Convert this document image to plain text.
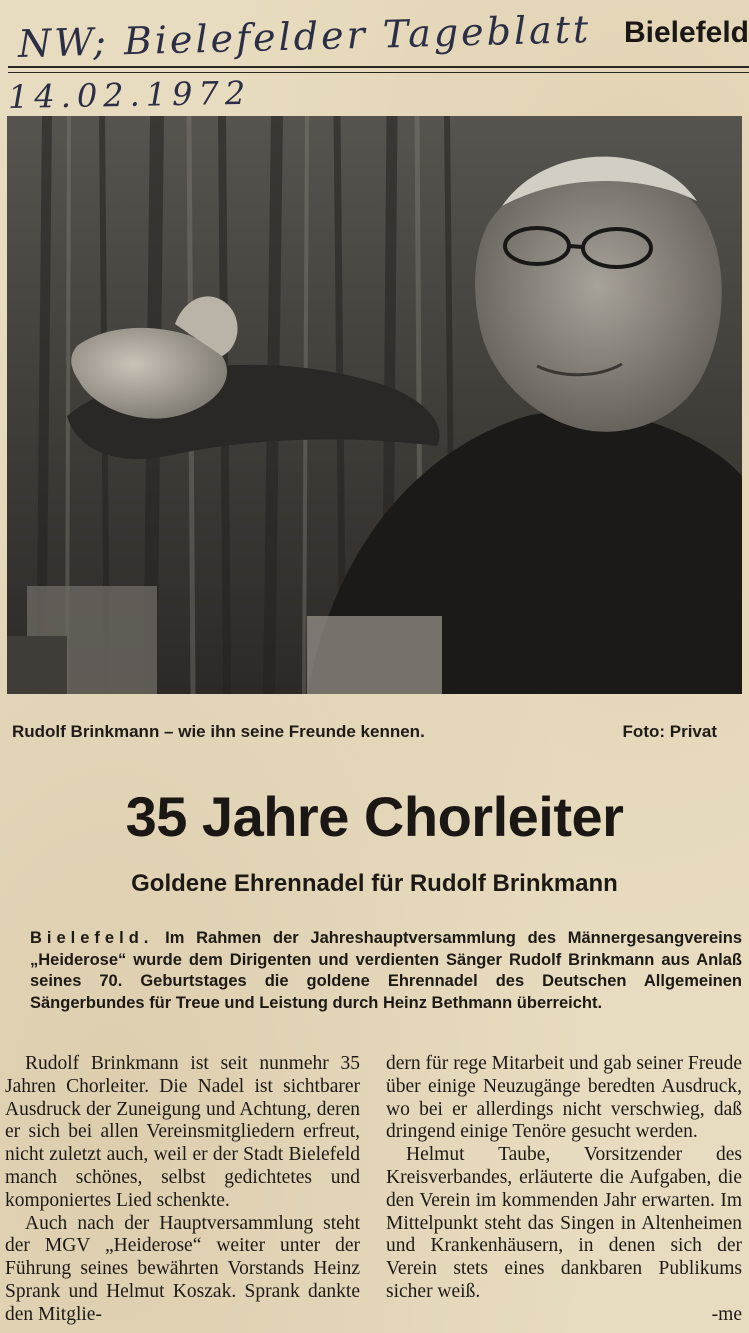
NW; Bielefelder Tageblatt
14.02.1972
Bielefeld
Rudolf Brinkmann – wie ihn seine Freunde kennen.	Foto: Privat
35 Jahre Chorleiter
Goldene Ehrennadel für Rudolf Brinkmann
Bielefeld. Im Rahmen der Jahreshauptversammlung des Männergesangvereins „Heiderose“ wurde dem Dirigenten und verdienten Sänger Rudolf Brinkmann aus Anlaß seines 70. Geburtstages die goldene Ehrennadel des Deutschen Allgemeinen Sängerbundes für Treue und Leistung durch Heinz Bethmann überreicht.

Rudolf Brinkmann ist seit nunmehr 35 Jahren Chorleiter. Die Nadel ist sichtbarer Ausdruck der Zuneigung und Achtung, deren er sich bei allen Vereinsmitgliedern erfreut, nicht zuletzt auch, weil er der Stadt Bielefeld manch schönes, selbst gedichtetes und komponiertes Lied schenkte.

Auch nach der Hauptversammlung steht der MGV „Heiderose“ weiter unter der Führung seines bewährten Vorstands Heinz Sprank und Helmut Koszak. Sprank dankte den Mitglie-

dern für rege Mitarbeit und gab seiner Freude über einige Neuzugänge beredten Ausdruck, wo bei er allerdings nicht verschwieg, daß dringend einige Tenöre gesucht werden.

Helmut Taube, Vorsitzender des Kreisverbandes, erläuterte die Aufgaben, die den Verein im kommenden Jahr erwarten. Im Mittelpunkt steht das Singen in Altenheimen und Krankenhäusern, in denen sich der Verein stets eines dankbaren Publikums sicher weiß.

-me
